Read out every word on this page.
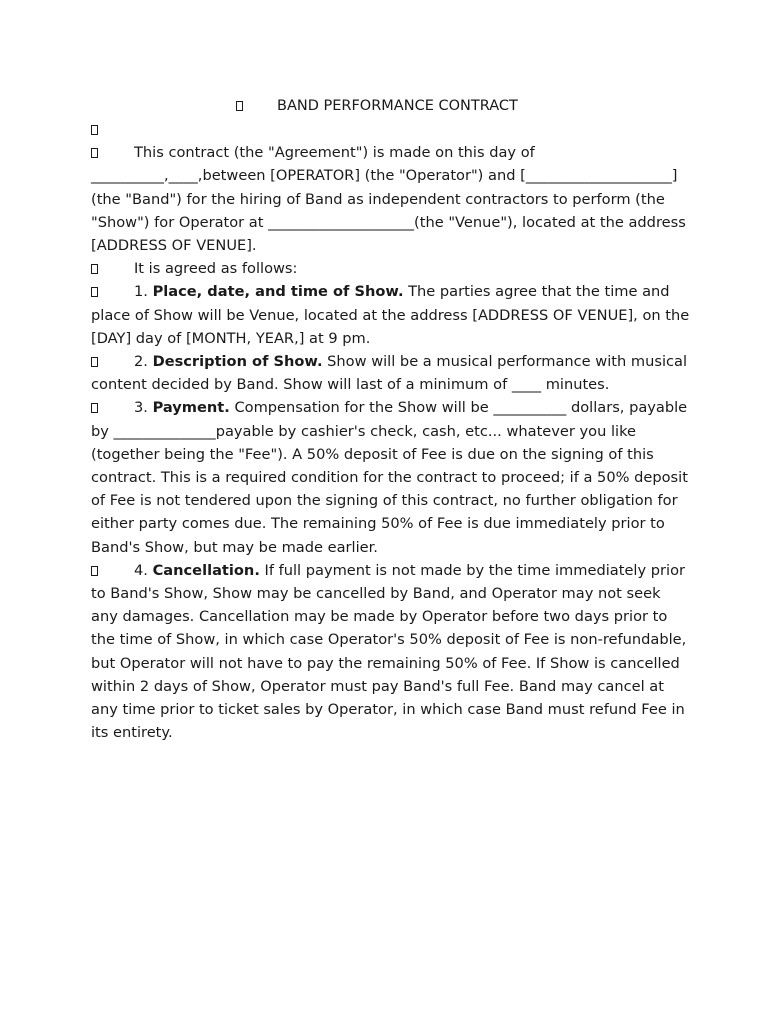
BAND PERFORMANCE CONTRACT

This contract (the "Agreement") is made on this day of __________,____,between [OPERATOR] (the "Operator") and [____________________](the "Band") for the hiring of Band as independent contractors to perform (the "Show") for Operator at ____________________(the "Venue"), located at the address [ADDRESS OF VENUE].

It is agreed as follows:

1. Place, date, and time of Show. The parties agree that the time and place of Show will be Venue, located at the address [ADDRESS OF VENUE], on the [DAY] day of [MONTH, YEAR,] at 9 pm.

2. Description of Show. Show will be a musical performance with musical content decided by Band. Show will last of a minimum of ____ minutes.

3. Payment. Compensation for the Show will be __________ dollars, payable by ______________payable by cashier's check, cash, etc... whatever you like (together being the "Fee"). A 50% deposit of Fee is due on the signing of this contract. This is a required condition for the contract to proceed; if a 50% deposit of Fee is not tendered upon the signing of this contract, no further obligation for either party comes due. The remaining 50% of Fee is due immediately prior to Band's Show, but may be made earlier.

4. Cancellation. If full payment is not made by the time immediately prior to Band's Show, Show may be cancelled by Band, and Operator may not seek any damages. Cancellation may be made by Operator before two days prior to the time of Show, in which case Operator's 50% deposit of Fee is non-refundable, but Operator will not have to pay the remaining 50% of Fee. If Show is cancelled within 2 days of Show, Operator must pay Band's full Fee. Band may cancel at any time prior to ticket sales by Operator, in which case Band must refund Fee in its entirety.
